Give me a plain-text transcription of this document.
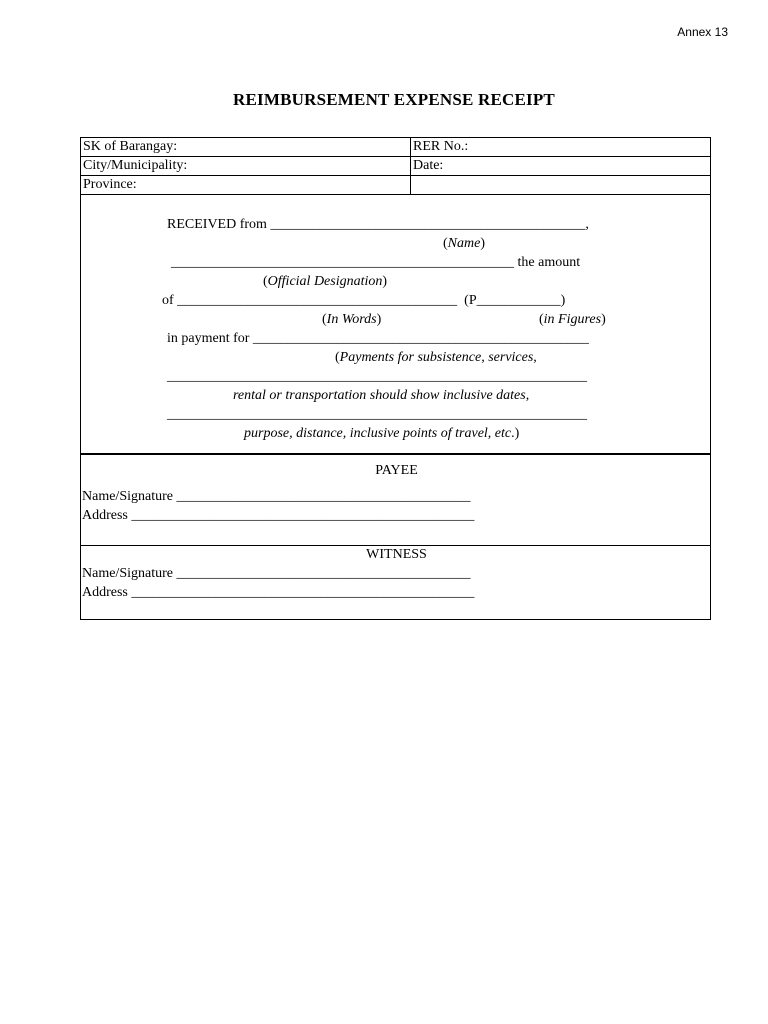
Annex 13
REIMBURSEMENT EXPENSE RECEIPT
SK of Barangay:	RER No.:
City/Municipality:	Date:
Province:
RECEIVED from _____________________________________________,
(Name)
_________________________________________________ the amount
(Official Designation)
of ________________________________________  (P____________)
(In Words)	(in Figures)
in payment for ________________________________________________
(Payments for subsistence, services,
____________________________________________________________
rental or transportation should show inclusive dates,
____________________________________________________________
purpose, distance, inclusive points of travel, etc.)
PAYEE
Name/Signature __________________________________________
Address _________________________________________________
WITNESS
Name/Signature __________________________________________
Address _________________________________________________
